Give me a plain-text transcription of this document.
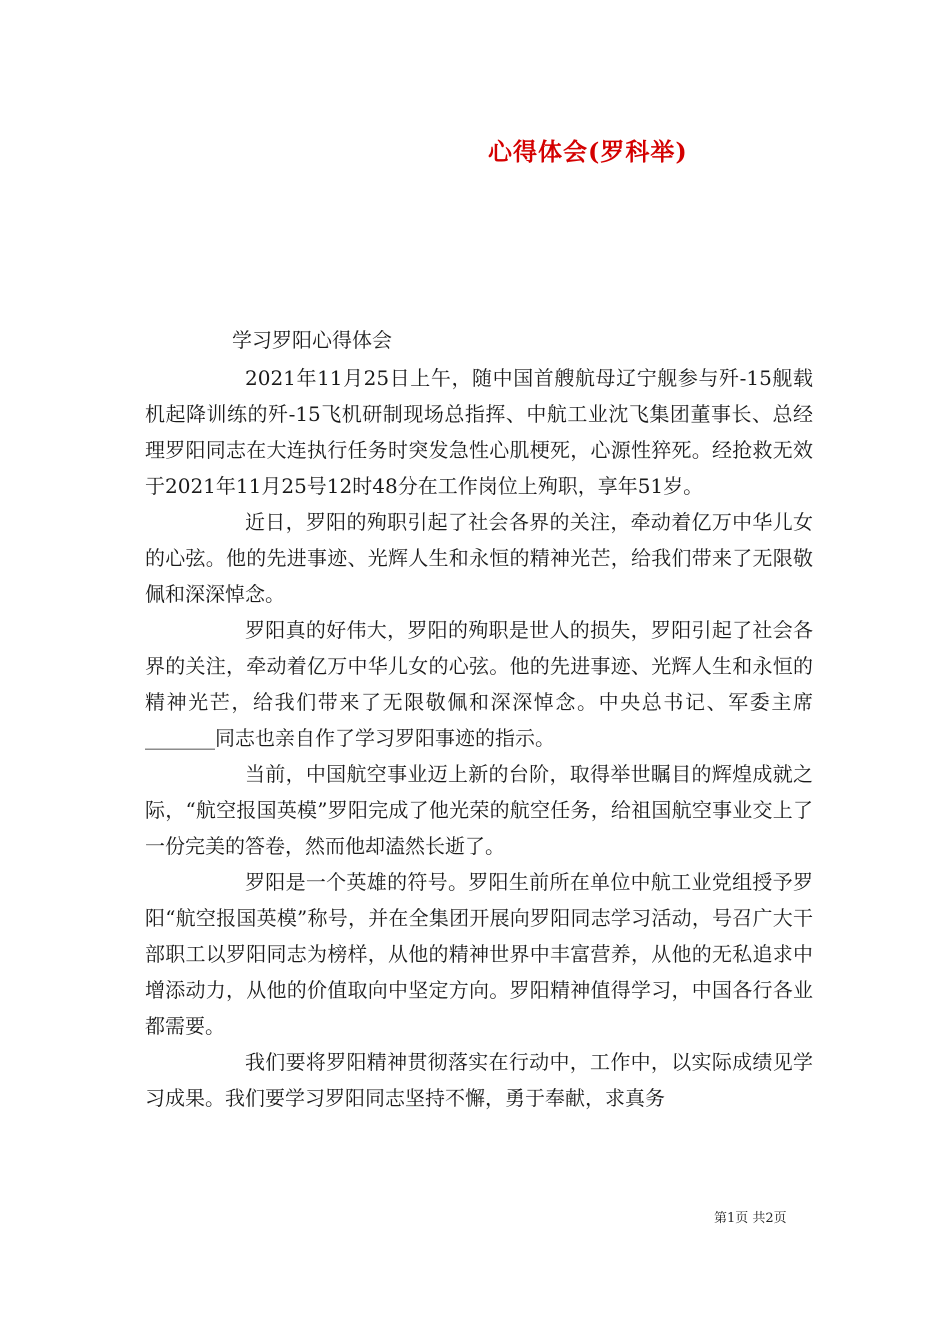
心得体会(罗科举)
学习罗阳心得体会

2021年11月25日上午，随中国首艘航母辽宁舰参与歼-15舰载机起降训练的歼-15飞机研制现场总指挥、中航工业沈飞集团董事长、总经理罗阳同志在大连执行任务时突发急性心肌梗死，心源性猝死。经抢救无效于2021年11月25号12时48分在工作岗位上殉职，享年51岁。

近日，罗阳的殉职引起了社会各界的关注，牵动着亿万中华儿女的心弦。他的先进事迹、光辉人生和永恒的精神光芒，给我们带来了无限敬佩和深深悼念。

罗阳真的好伟大，罗阳的殉职是世人的损失，罗阳引起了社会各界的关注，牵动着亿万中华儿女的心弦。他的先进事迹、光辉人生和永恒的精神光芒，给我们带来了无限敬佩和深深悼念。中央总书记、军委主席_______同志也亲自作了学习罗阳事迹的指示。

当前，中国航空事业迈上新的台阶，取得举世瞩目的辉煌成就之际，“航空报国英模”罗阳完成了他光荣的航空任务，给祖国航空事业交上了一份完美的答卷，然而他却溘然长逝了。

罗阳是一个英雄的符号。罗阳生前所在单位中航工业党组授予罗阳“航空报国英模”称号，并在全集团开展向罗阳同志学习活动，号召广大干部职工以罗阳同志为榜样，从他的精神世界中丰富营养，从他的无私追求中增添动力，从他的价值取向中坚定方向。罗阳精神值得学习，中国各行各业都需要。

我们要将罗阳精神贯彻落实在行动中，工作中，以实际成绩见学习成果。我们要学习罗阳同志坚持不懈，勇于奉献，求真务

第1页 共2页
